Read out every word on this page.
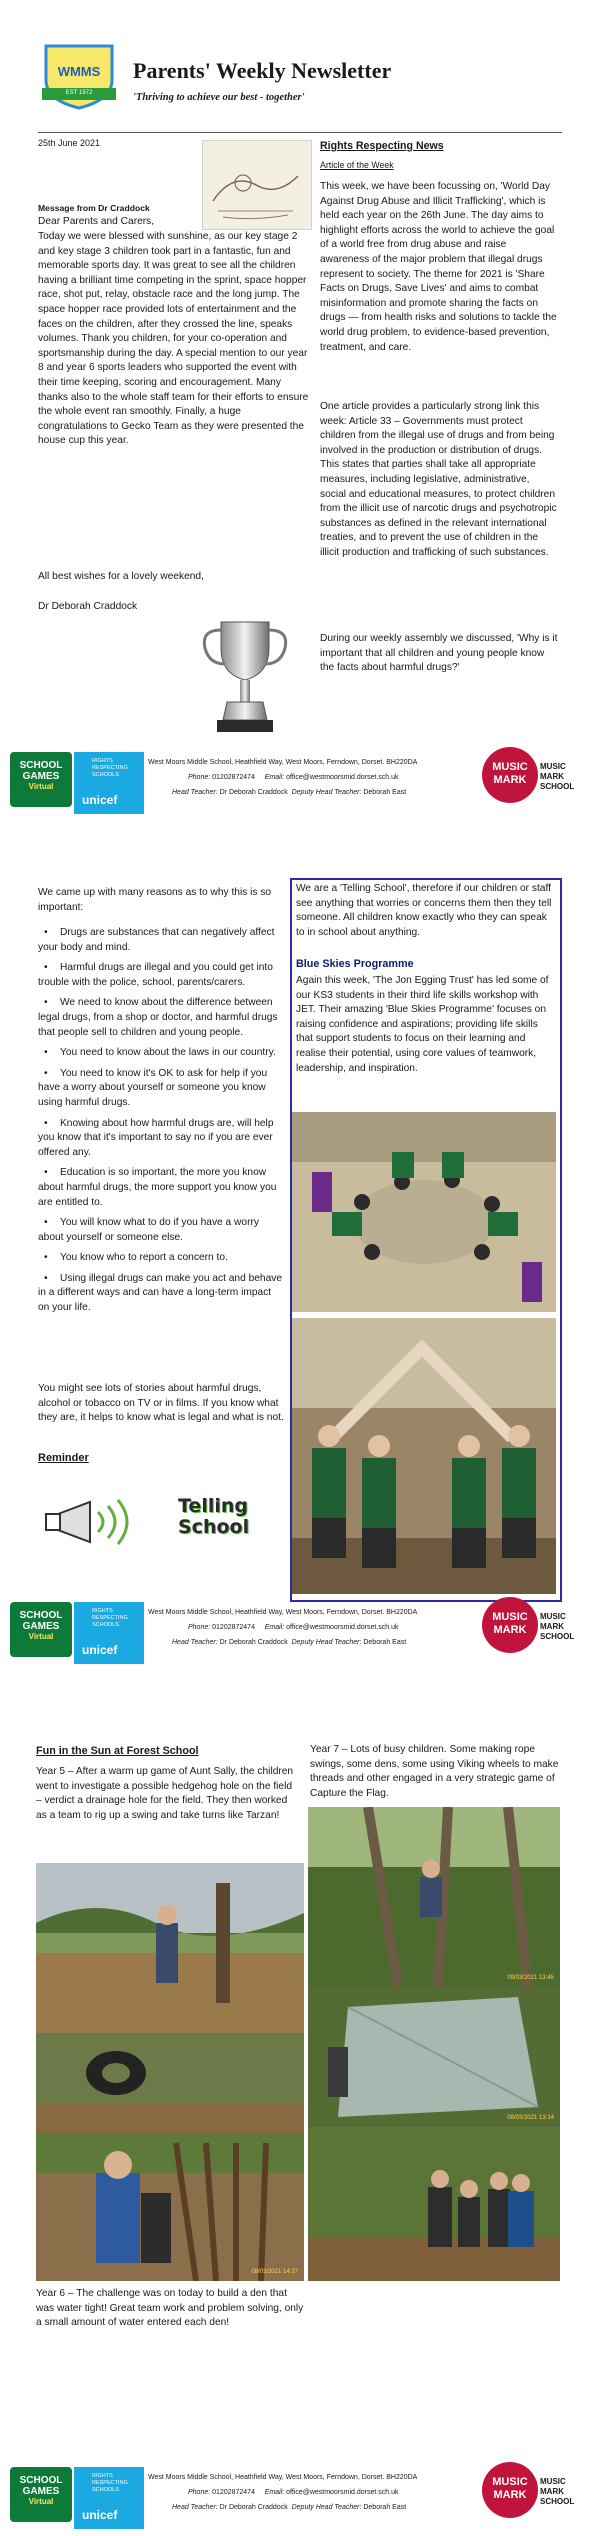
WMMS
EST 1972
Parents' Weekly Newsletter
'Thriving to achieve our best - together'
25th June 2021
Message from Dr Craddock
Dear Parents and Carers,
Today we were blessed with sunshine, as our key stage 2 and key stage 3 children took part in a fantastic, fun and memorable sports day. It was great to see all the children having a brilliant time competing in the sprint, space hopper race, shot put, relay, obstacle race and the long jump. The space hopper race provided lots of entertainment and the faces on the children, after they crossed the line, speaks volumes. Thank you children, for your co-operation and sportsmanship during the day. A special mention to our year 8 and year 6 sports leaders who supported the event with their time keeping, scoring and encouragement. Many thanks also to the whole staff team for their efforts to ensure the whole event ran smoothly. Finally, a huge congratulations to Gecko Team as they were presented the house cup this year.
All best wishes for a lovely weekend,
Dr Deborah Craddock
Rights Respecting News
Article of the Week
This week, we have been focussing on, 'World Day Against Drug Abuse and Illicit Trafficking', which is held each year on the 26th June. The day aims to highlight efforts across the world to achieve the goal of a world free from drug abuse and raise awareness of the major problem that illegal drugs represent to society. The theme for 2021 is 'Share Facts on Drugs, Save Lives' and aims to combat misinformation and promote sharing the facts on drugs — from health risks and solutions to tackle the world drug problem, to evidence-based prevention, treatment, and care.
One article provides a particularly strong link this week: Article 33 – Governments must protect children from the illegal use of drugs and from being involved in the production or distribution of drugs. This states that parties shall take all appropriate measures, including legislative, administrative, social and educational measures, to protect children from the illicit use of narcotic drugs and psychotropic substances as defined in the relevant international treaties, and to prevent the use of children in the illicit production and trafficking of such substances.
During our weekly assembly we discussed, 'Why is it important that all children and young people know the facts about harmful drugs?'
SCHOOL GAMES
Virtual
RIGHTS RESPECTING SCHOOLS
unicef
West Moors Middle School, Heathfield Way, West Moors, Ferndown, Dorset. BH220DA
Phone: 01202872474 Email: office@westmoorsmid.dorset.sch.uk
Head Teacher: Dr Deborah Craddock Deputy Head Teacher: Deborah East
MUSIC MARK
MUSIC MARK SCHOOL
We came up with many reasons as to why this is so important:
• Drugs are substances that can negatively affect your body and mind.
• Harmful drugs are illegal and you could get into trouble with the police, school, parents/carers.
• We need to know about the difference between legal drugs, from a shop or doctor, and harmful drugs that people sell to children and young people.
• You need to know about the laws in our country.
• You need to know it's OK to ask for help if you have a worry about yourself or someone you know using harmful drugs.
• Knowing about how harmful drugs are, will help you know that it's important to say no if you are ever offered any.
• Education is so important, the more you know about harmful drugs, the more support you know you are entitled to.
• You will know what to do if you have a worry about yourself or someone else.
• You know who to report a concern to.
• Using illegal drugs can make you act and behave in a different ways and can have a long-term impact on your life.
You might see lots of stories about harmful drugs, alcohol or tobacco on TV or in films. If you know what they are, it helps to know what is legal and what is not.
Reminder
Telling School
We are a 'Telling School', therefore if our children or staff see anything that worries or concerns them then they tell someone. All children know exactly who they can speak to in school about anything.
Blue Skies Programme
Again this week, 'The Jon Egging Trust' has led some of our KS3 students in their third life skills workshop with JET. Their amazing 'Blue Skies Programme' focuses on raising confidence and aspirations; providing life skills that support students to focus on their learning and realise their potential, using core values of teamwork, leadership, and inspiration.
SCHOOL GAMES
Virtual
RIGHTS RESPECTING SCHOOLS
unicef
West Moors Middle School, Heathfield Way, West Moors, Ferndown, Dorset. BH220DA
Phone: 01202872474 Email: office@westmoorsmid.dorset.sch.uk
Head Teacher: Dr Deborah Craddock Deputy Head Teacher: Deborah East
MUSIC MARK
MUSIC MARK SCHOOL
Fun in the Sun at Forest School
Year 5 – After a warm up game of Aunt Sally, the children went to investigate a possible hedgehog hole on the field – verdict a drainage hole for the field. They then worked as a team to rig up a swing and take turns like Tarzan!
Year 7 – Lots of busy children. Some making rope swings, some dens, some using Viking wheels to make threads and other engaged in a very strategic game of Capture the Flag.
08/03/2021 14:37
09/03/2021 13:45
08/03/2021 13:14
Year 6 – The challenge was on today to build a den that was water tight! Great team work and problem solving, only a small amount of water entered each den!
SCHOOL GAMES
Virtual
RIGHTS RESPECTING SCHOOLS
unicef
West Moors Middle School, Heathfield Way, West Moors, Ferndown, Dorset. BH220DA
Phone: 01202872474 Email: office@westmoorsmid.dorset.sch.uk
Head Teacher: Dr Deborah Craddock Deputy Head Teacher: Deborah East
MUSIC MARK
MUSIC MARK SCHOOL
